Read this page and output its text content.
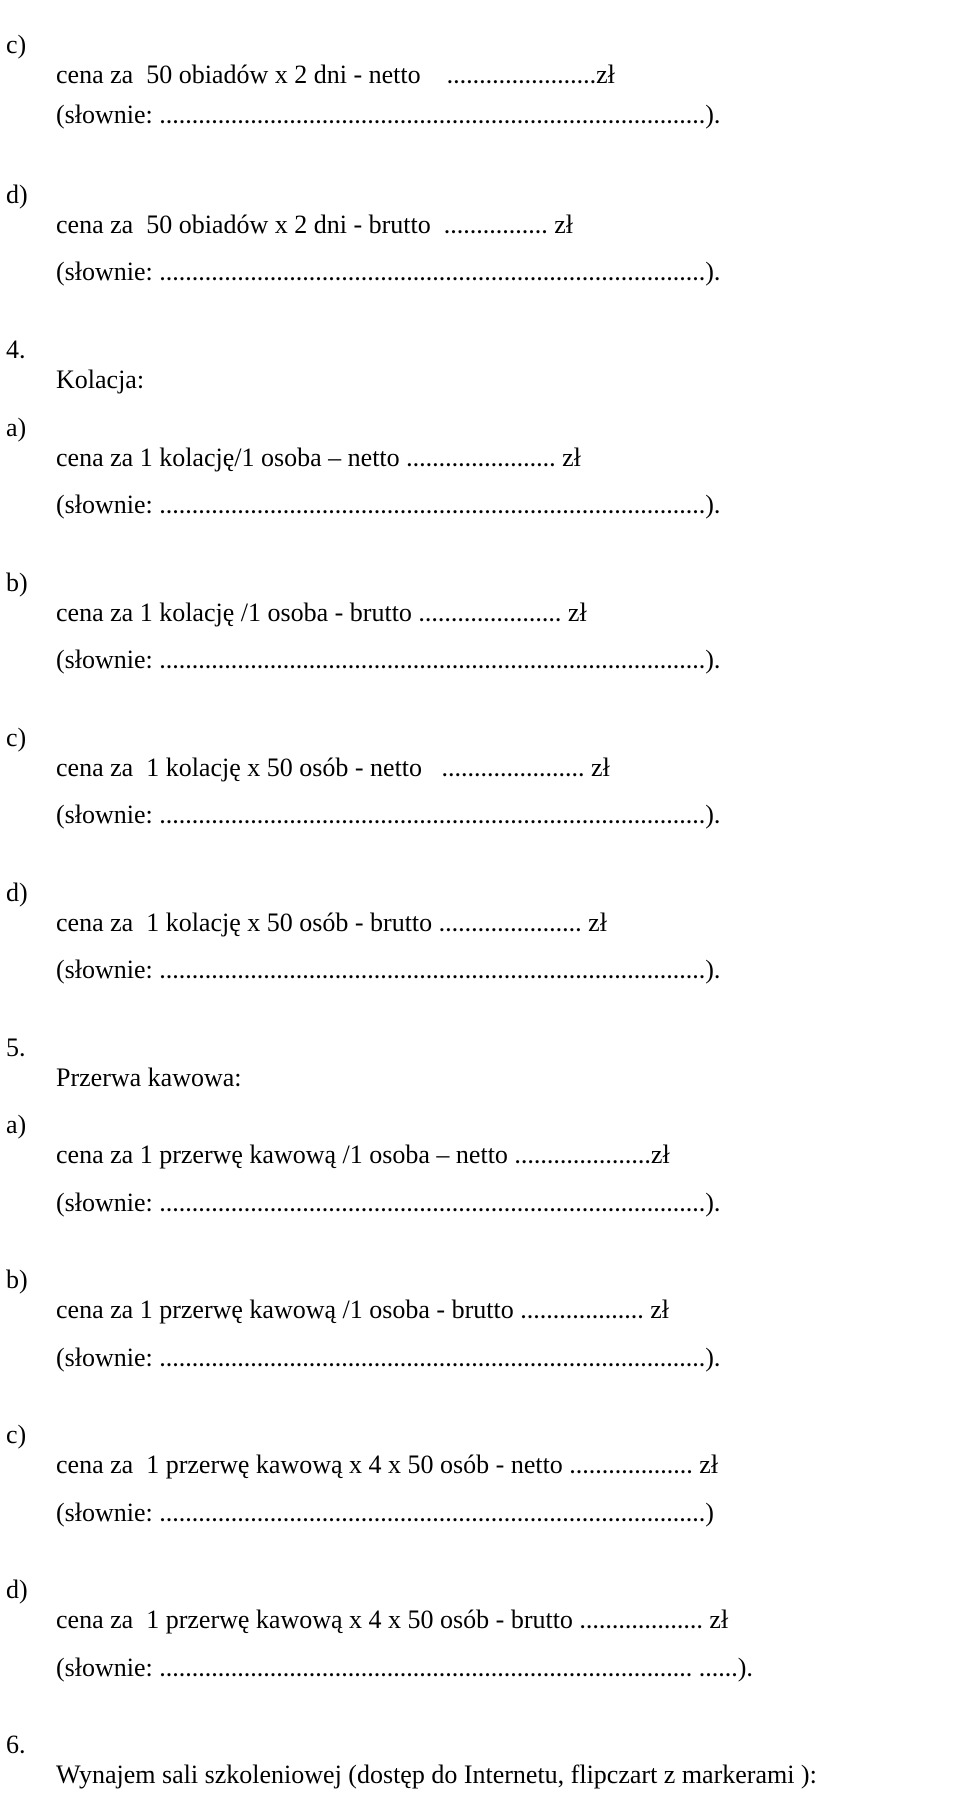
c)

cena za  50 obiadów x 2 dni - netto    .......................zł

(słownie: ....................................................................................).

d)

cena za  50 obiadów x 2 dni - brutto  ................ zł

(słownie: ....................................................................................).

4.

Kolacja:

a)

cena za 1 kolację/1 osoba – netto ....................... zł

(słownie: ....................................................................................).

b)

cena za 1 kolację /1 osoba - brutto ...................... zł

(słownie: ....................................................................................).

c)

cena za  1 kolację x 50 osób - netto   ...................... zł

(słownie: ....................................................................................).

d)

cena za  1 kolację x 50 osób - brutto ...................... zł

(słownie: ....................................................................................).

5.

Przerwa kawowa:

a)

cena za 1 przerwę kawową /1 osoba – netto .....................zł

(słownie: ....................................................................................).

b)

cena za 1 przerwę kawową /1 osoba - brutto ................... zł

(słownie: ....................................................................................).

c)

cena za  1 przerwę kawową x 4 x 50 osób - netto ................... zł

(słownie: ....................................................................................)

d)

cena za  1 przerwę kawową x 4 x 50 osób - brutto ................... zł

(słownie: .................................................................................. ......).

6.

Wynajem sali szkoleniowej (dostęp do Internetu, flipczart z markerami ):
